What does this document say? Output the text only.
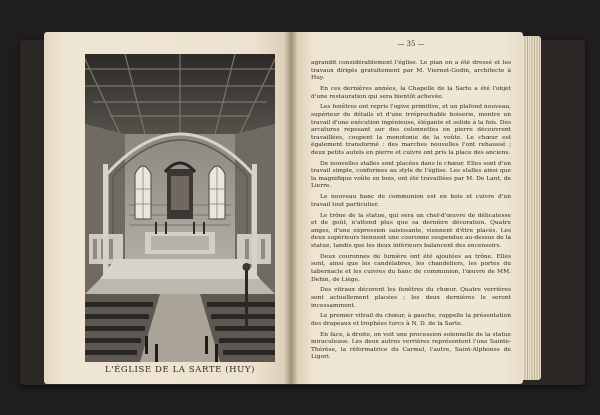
L'ÉGLISE DE LA SARTE (HUY)
— 35 —

agrandit considérablement l'église. Le plan en a été dressé et les travaux dirigés gratuitement par M. Viernet-Godin, architecte à Huy.

En ces dernières années, la Chapelle de la Sarte a été l'objet d'une restauration qui sera bientôt achevée.

Les fenêtres ont repris l'ogive primitive, et un plafond nouveau, supérieur de détails et d'une irréprochable boiserie, montre un travail d'une exécution ingénieuse, élégante et solide à la fois. Des arcatures reposant sur des colonnettes en pierre découvrent travaillées, coupent la monotonie de la voûte. Le chœur est également transformé : des marches nouvelles l'ont rehaussé ; deux petits autels en pierre et cuivre ont pris la place des anciens.

De nouvelles stalles sont placées dans le chœur. Elles sont d'un travail simple, conformes au style de l'église. Les stalles ainsi que la magnifique voûte en bois, ont été travaillées par M. De Lant, de Lierre.

Le nouveau banc de communion est en bois et cuivre d'un travail tout particulier.

Le trône de la statue, qui sera un chef-d'œuvre de délicatesse et de goût, n'attend plus que sa dernière décoration. Quatre anges, d'une expression saisissante, viennent d'être placés. Les deux supérieurs tiennent une couronne suspendue au-dessus de la statue, tandis que les deux inférieurs balancent des encensoirs.

Deux couronnes de lumière ont été ajoutées au trône. Elles sont, ainsi que les candélabres, les chandeliers, les portes du tabernacle et les cuivres du banc de communion, l'œuvre de MM. Dehin, de Liège.

Des vitraux décorent les fenêtres du chœur. Quatre verrières sont actuellement placées ; les deux dernières le seront incessamment.

Le premier vitrail du chœur, à gauche, rappelle la présentation des drapeaux et trophées turcs à N. D. de la Sarte.

En face, à droite, on voit une procession solennelle de la statue miraculeuse. Les deux autres verrières représentent l'une Sainte-Thérèse, la réformatrice du Carmel, l'autre, Saint-Alphonse de Ligori.
